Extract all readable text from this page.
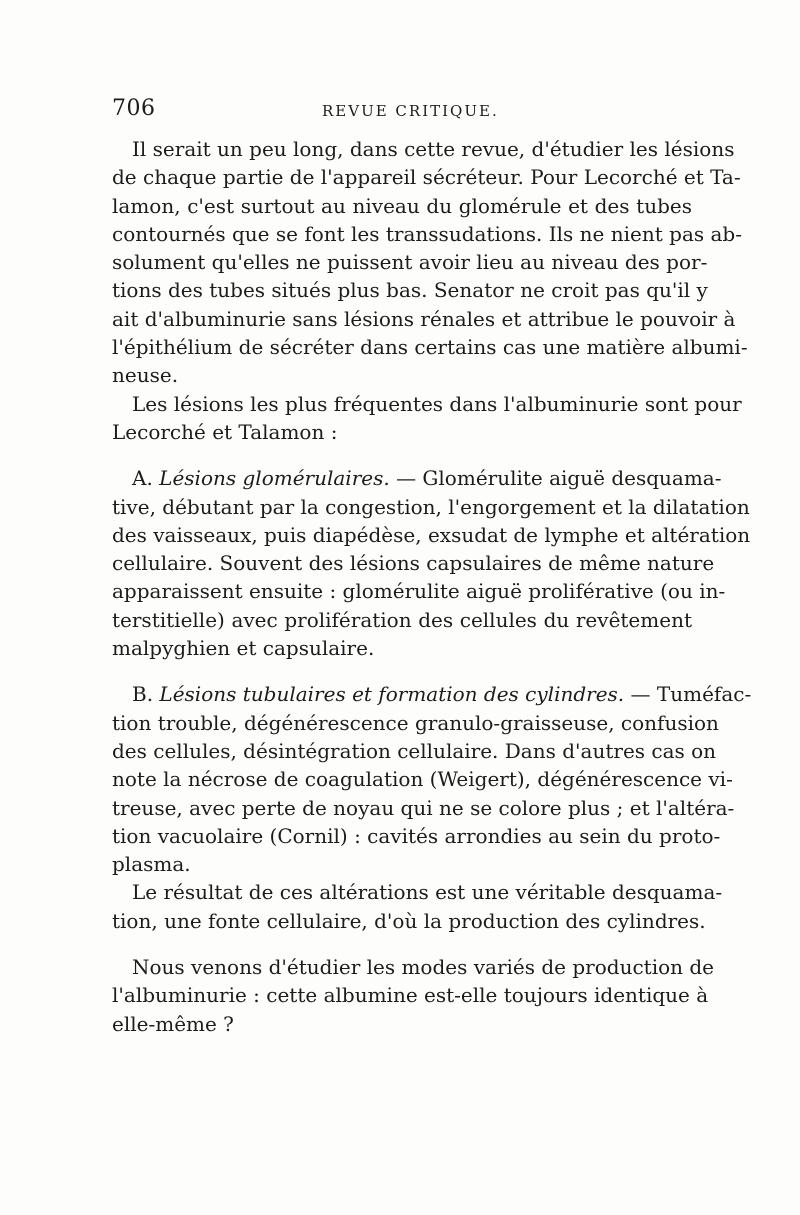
706	REVUE CRITIQUE.
Il serait un peu long, dans cette revue, d'étudier les lésions
de chaque partie de l'appareil sécréteur. Pour Lecorché et Ta-
lamon, c'est surtout au niveau du glomérule et des tubes
contournés que se font les transsudations. Ils ne nient pas ab-
solument qu'elles ne puissent avoir lieu au niveau des por-
tions des tubes situés plus bas. Senator ne croit pas qu'il y
ait d'albuminurie sans lésions rénales et attribue le pouvoir à
l'épithélium de sécréter dans certains cas une matière albumi-
neuse.
Les lésions les plus fréquentes dans l'albuminurie sont pour
Lecorché et Talamon :
A. Lésions glomérulaires. — Glomérulite aiguë desquama-
tive, débutant par la congestion, l'engorgement et la dilatation
des vaisseaux, puis diapédèse, exsudat de lymphe et altération
cellulaire. Souvent des lésions capsulaires de même nature
apparaissent ensuite : glomérulite aiguë proliférative (ou in-
terstitielle) avec prolifération des cellules du revêtement
malpyghien et capsulaire.
B. Lésions tubulaires et formation des cylindres. — Tuméfac-
tion trouble, dégénérescence granulo-graisseuse, confusion
des cellules, désintégration cellulaire. Dans d'autres cas on
note la nécrose de coagulation (Weigert), dégénérescence vi-
treuse, avec perte de noyau qui ne se colore plus ; et l'altéra-
tion vacuolaire (Cornil) : cavités arrondies au sein du proto-
plasma.
Le résultat de ces altérations est une véritable desquama-
tion, une fonte cellulaire, d'où la production des cylindres.
Nous venons d'étudier les modes variés de production de
l'albuminurie : cette albumine est-elle toujours identique à
elle-même ?
